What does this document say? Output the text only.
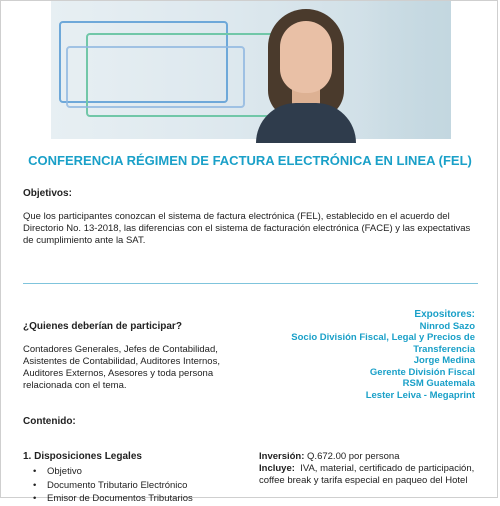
CONFERENCIA RÉGIMEN DE FACTURA ELECTRÓNICA EN LINEA (FEL)
Objetivos:
Que los participantes conozcan el sistema de factura electrónica (FEL), establecido en el acuerdo del Directorio No. 13-2018, las diferencias con el sistema de facturación electrónica (FACE) y las expectativas de cumplimiento ante la SAT.
¿Quienes deberían de participar?
Contadores Generales, Jefes de Contabilidad, Asistentes de Contabilidad, Auditores Internos, Auditores Externos, Asesores y toda persona relacionada con el tema.
Expositores:
Ninrod Sazo
Socio División Fiscal, Legal y Precios de
Transferencia
Jorge Medina
Gerente División Fiscal
RSM Guatemala
Lester Leiva - Megaprint
Contenido:
1. Disposiciones Legales
• Objetivo
• Documento Tributario Electrónico
• Emisor de Documentos Tributarios
Inversión: Q.672.00 por persona
Incluye: IVA, material, certificado de participación, coffee break y tarifa especial en paqueo del Hotel
